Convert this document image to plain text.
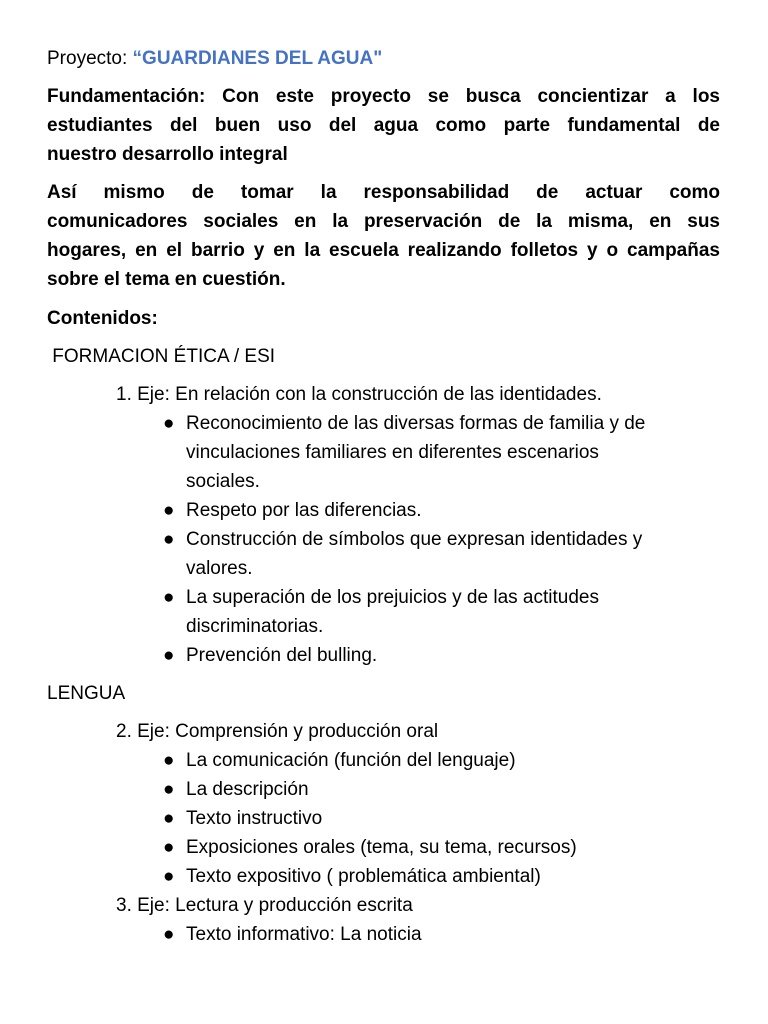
Proyecto: “GUARDIANES DEL AGUA"
Fundamentación: Con este proyecto se busca concientizar a los
estudiantes del buen uso del agua como parte fundamental de
nuestro desarrollo integral
Así mismo de tomar la responsabilidad de actuar como
comunicadores sociales en la preservación de la misma, en sus
hogares, en el barrio y en la escuela realizando folletos y o campañas
sobre el tema en cuestión.
Contenidos:
FORMACION ÉTICA / ESI
1. Eje: En relación con la construcción de las identidades.
● Reconocimiento de las diversas formas de familia y de
vinculaciones familiares en diferentes escenarios
sociales.
● Respeto por las diferencias.
● Construcción de símbolos que expresan identidades y
valores.
● La superación de los prejuicios y de las actitudes
discriminatorias.
● Prevención del bulling.
LENGUA
2. Eje: Comprensión y producción oral
● La comunicación (función del lenguaje)
● La descripción
● Texto instructivo
● Exposiciones orales (tema, su tema, recursos)
● Texto expositivo ( problemática ambiental)
3. Eje: Lectura y producción escrita
● Texto informativo: La noticia
